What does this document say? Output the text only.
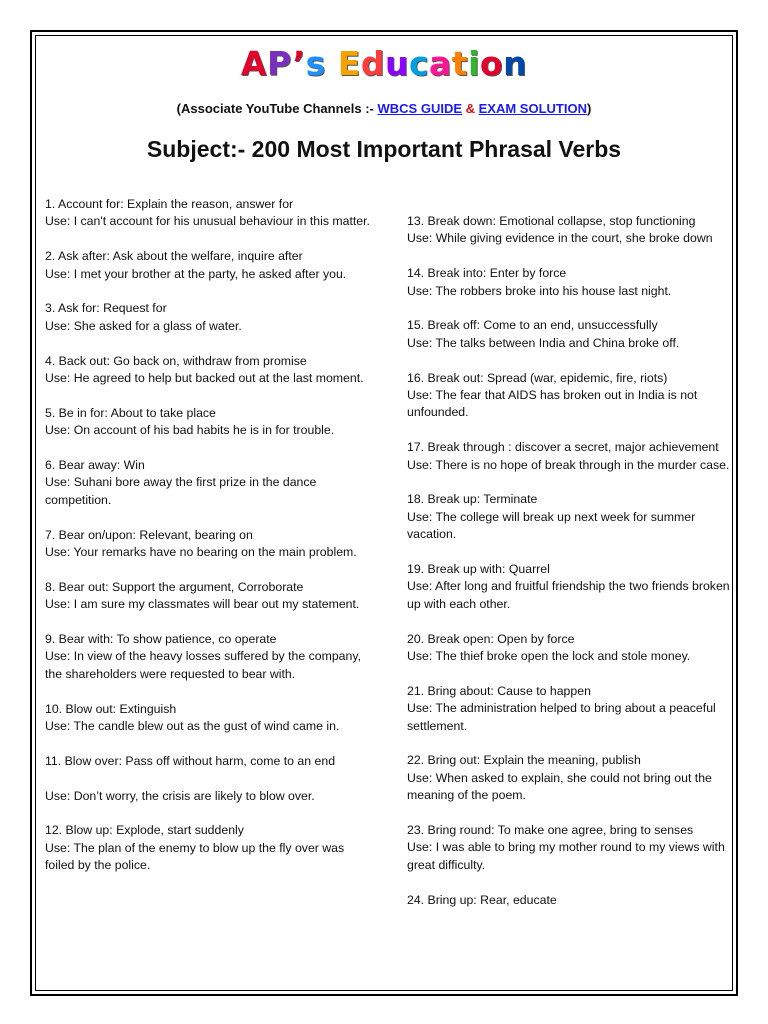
AP’s Education
(Associate YouTube Channels :- WBCS GUIDE & EXAM SOLUTION)
Subject:- 200 Most Important Phrasal Verbs
1. Account for: Explain the reason, answer for
Use: I can't account for his unusual behaviour in this matter.
2. Ask after: Ask about the welfare, inquire after
Use: I met your brother at the party, he asked after you.
3. Ask for: Request for
Use: She asked for a glass of water.
4. Back out: Go back on, withdraw from promise
Use: He agreed to help but backed out at the last moment.
5. Be in for: About to take place
Use: On account of his bad habits he is in for trouble.
6. Bear away: Win
Use: Suhani bore away the first prize in the dance competition.
7. Bear on/upon: Relevant, bearing on
Use: Your remarks have no bearing on the main problem.
8. Bear out: Support the argument, Corroborate
Use: I am sure my classmates will bear out my statement.
9. Bear with: To show patience, co operate
Use: In view of the heavy losses suffered by the company, the shareholders were requested to bear with.
10. Blow out: Extinguish
Use: The candle blew out as the gust of wind came in.
11. Blow over: Pass off without harm, come to an end
Use: Don’t worry, the crisis are likely to blow over.
12. Blow up: Explode, start suddenly
Use: The plan of the enemy to blow up the fly over was foiled by the police.
13. Break down: Emotional collapse, stop functioning
Use: While giving evidence in the court, she broke down
14. Break into: Enter by force
Use: The robbers broke into his house last night.
15. Break off: Come to an end, unsuccessfully
Use: The talks between India and China broke off.
16. Break out: Spread (war, epidemic, fire, riots)
Use: The fear that AIDS has broken out in India is not unfounded.
17. Break through : discover a secret, major achievement
Use: There is no hope of break through in the murder case.
18. Break up: Terminate
Use: The college will break up next week for summer vacation.
19. Break up with: Quarrel
Use: After long and fruitful friendship the two friends broken up with each other.
20. Break open: Open by force
Use: The thief broke open the lock and stole money.
21. Bring about: Cause to happen
Use: The administration helped to bring about a peaceful settlement.
22. Bring out: Explain the meaning, publish
Use: When asked to explain, she could not bring out the meaning of the poem.
23. Bring round: To make one agree, bring to senses
Use: I was able to bring my mother round to my views with great difficulty.
24. Bring up: Rear, educate
